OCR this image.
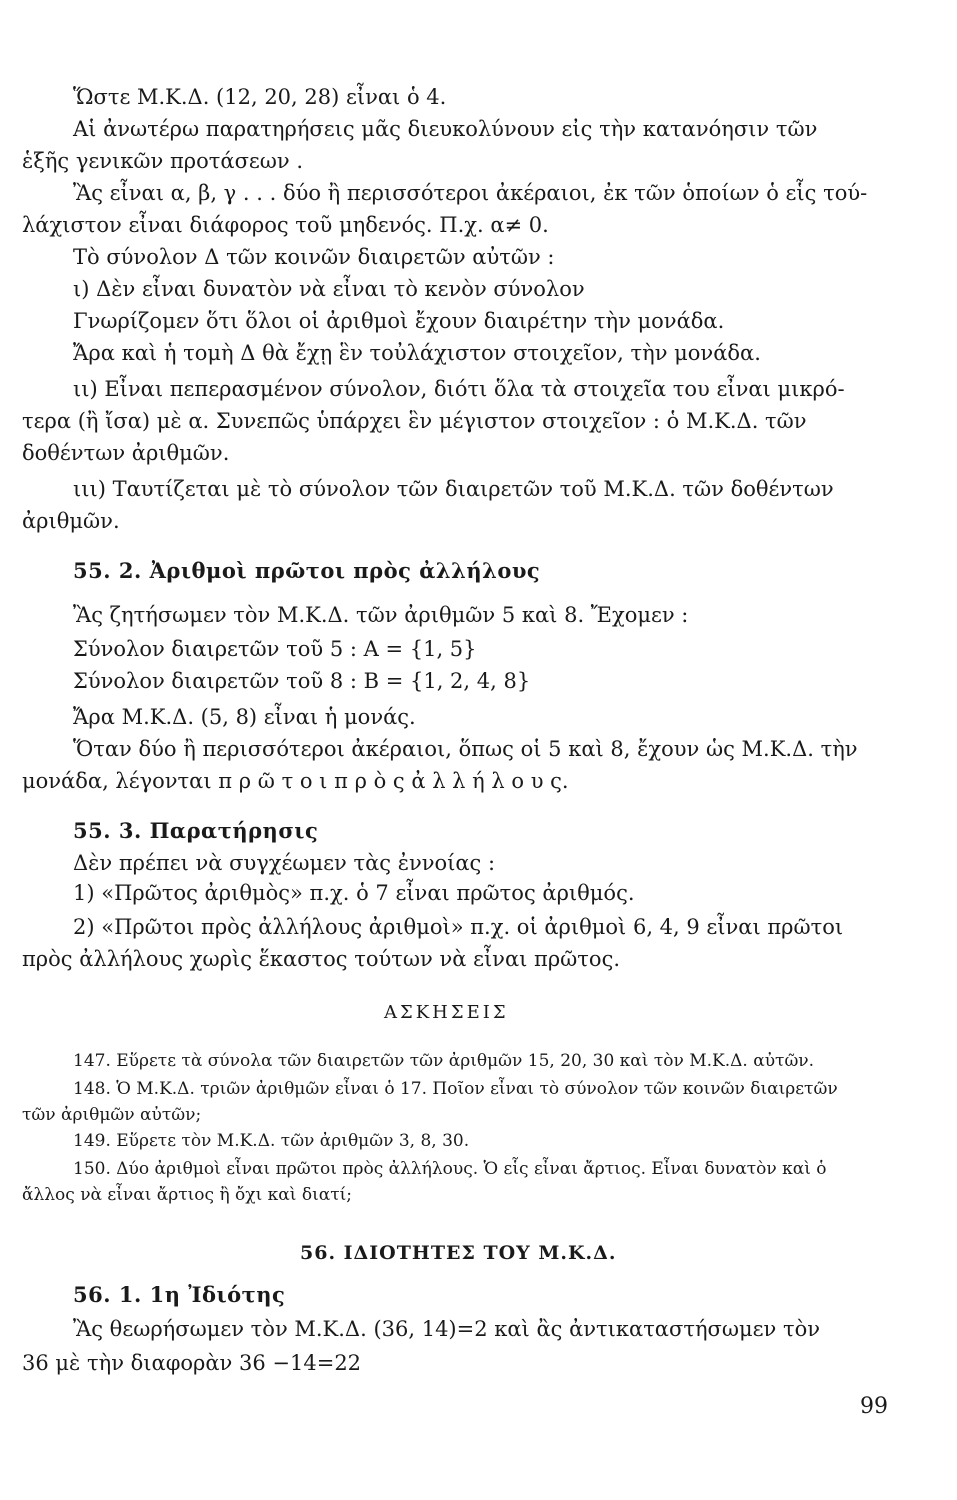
Ὥστε Μ.Κ.Δ. (12, 20, 28) εἶναι ὁ 4.
Αἱ ἀνωτέρω παρατηρήσεις μᾶς διευκολύνουν εἰς τὴν κατανόησιν τῶν
ἑξῆς γενικῶν προτάσεων .
Ἂς εἶναι α, β, γ . . . δύο ἢ περισσότεροι ἀκέραιοι, ἐκ τῶν ὁποίων ὁ εἷς τού-
λάχιστον εἶναι διάφορος τοῦ μηδενός. Π.χ. α≠ 0.
Τὸ σύνολον Δ τῶν κοινῶν διαιρετῶν αὐτῶν :
ι) Δὲν εἶναι δυνατὸν νὰ εἶναι τὸ κενὸν σύνολον
Γνωρίζομεν ὅτι ὅλοι οἱ ἀριθμοὶ ἔχουν διαιρέτην τὴν μονάδα.
Ἄρα καὶ ἡ τομὴ Δ θὰ ἔχῃ ἓν τοὐλάχιστον στοιχεῖον, τὴν μονάδα.
ιι) Εἶναι πεπερασμένον σύνολον, διότι ὅλα τὰ στοιχεῖα του εἶναι μικρό-
τερα (ἢ ἴσα) μὲ α. Συνεπῶς ὑπάρχει ἓν μέγιστον στοιχεῖον : ὁ Μ.Κ.Δ. τῶν
δοθέντων ἀριθμῶν.
ιιι) Ταυτίζεται μὲ τὸ σύνολον τῶν διαιρετῶν τοῦ Μ.Κ.Δ. τῶν δοθέντων
ἀριθμῶν.
55. 2. Ἀριθμοὶ πρῶτοι πρὸς ἀλλήλους
Ἂς ζητήσωμεν τὸν Μ.Κ.Δ. τῶν ἀριθμῶν 5 καὶ 8. Ἔχομεν :
Σύνολον διαιρετῶν τοῦ 5 : Α = {1, 5}
Σύνολον διαιρετῶν τοῦ 8 : Β = {1, 2, 4, 8}
Ἄρα Μ.Κ.Δ. (5, 8) εἶναι ἡ μονάς.
Ὅταν δύο ἢ περισσότεροι ἀκέραιοι, ὅπως οἱ 5 καὶ 8, ἔχουν ὡς Μ.Κ.Δ. τὴν
μονάδα, λέγονται π ρ ῶ τ ο ι π ρ ὸ ς ἀ λ λ ή λ ο υ ς.
55. 3. Παρατήρησις
Δὲν πρέπει νὰ συγχέωμεν τὰς ἐννοίας :
1) «Πρῶτος ἀριθμὸς» π.χ. ὁ 7 εἶναι πρῶτος ἀριθμός.
2) «Πρῶτοι πρὸς ἀλλήλους ἀριθμοὶ» π.χ. οἱ ἀριθμοὶ 6, 4, 9 εἶναι πρῶτοι
πρὸς ἀλλήλους χωρὶς ἕκαστος τούτων νὰ εἶναι πρῶτος.
ΑΣΚΗΣΕΙΣ
147. Εὕρετε τὰ σύνολα τῶν διαιρετῶν τῶν ἀριθμῶν 15, 20, 30 καὶ τὸν Μ.Κ.Δ. αὐτῶν.
148. Ὁ Μ.Κ.Δ. τριῶν ἀριθμῶν εἶναι ὁ 17. Ποῖον εἶναι τὸ σύνολον τῶν κοινῶν διαιρετῶν
τῶν ἀριθμῶν αὐτῶν;
149. Εὕρετε τὸν Μ.Κ.Δ. τῶν ἀριθμῶν 3, 8, 30.
150. Δύο ἀριθμοὶ εἶναι πρῶτοι πρὸς ἀλλήλους. Ὁ εἷς εἶναι ἄρτιος. Εἶναι δυνατὸν καὶ ὁ
ἄλλος νὰ εἶναι ἄρτιος ἢ ὄχι καὶ διατί;
56. ΙΔΙΟΤΗΤΕΣ ΤΟΥ Μ.Κ.Δ.
56. 1. 1η Ἰδιότης
Ἂς θεωρήσωμεν τὸν Μ.Κ.Δ. (36, 14)=2 καὶ ἂς ἀντικαταστήσωμεν τὸν
36 μὲ τὴν διαφορὰν 36 −14=22
99
